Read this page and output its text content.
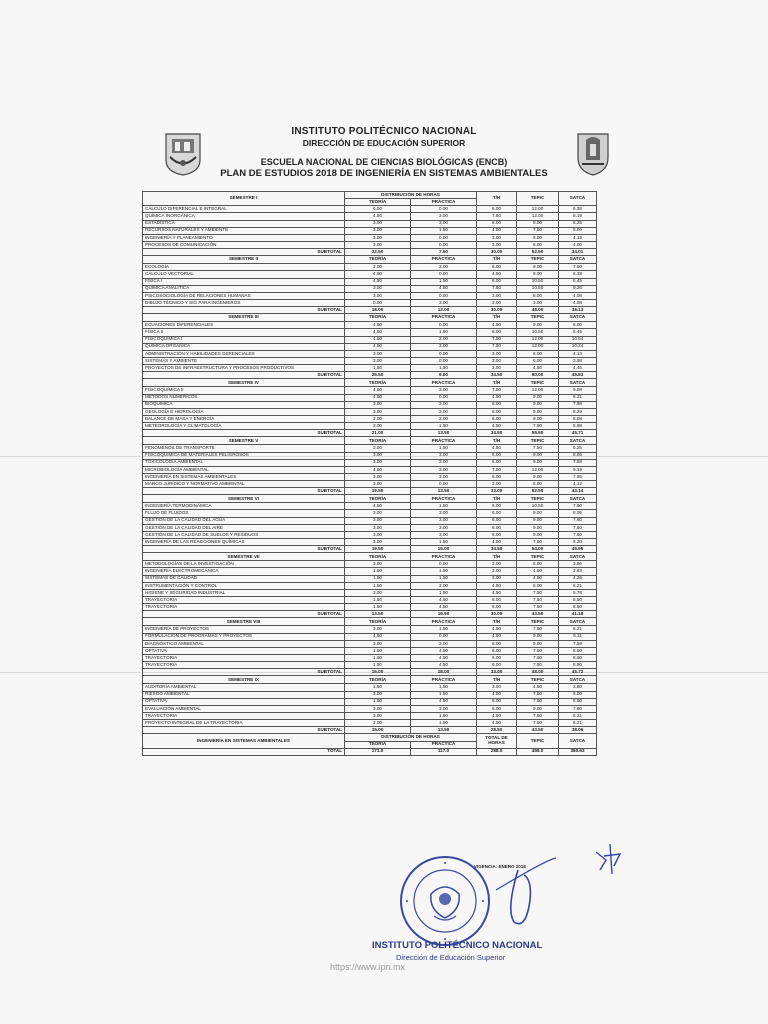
INSTITUTO POLITÉCNICO NACIONAL
DIRECCIÓN DE EDUCACIÓN SUPERIOR
ESCUELA NACIONAL DE CIENCIAS BIOLÓGICAS (ENCB)
PLAN DE ESTUDIOS 2018 DE INGENIERÍA EN SISTEMAS AMBIENTALES
SEMESTRE I	DISTRIBUCIÓN DE HORAS		T/H	TEPIC	SATCA
	TEORÍA	PRÁCTICA			
CÁLCULO DIFERENCIAL E INTEGRAL	6.00	0.00	6.00	12.00	6.38
QUÍMICA INORGÁNICA	4.50	3.00	7.50	12.00	8.19
ESTADÍSTICA	3.00	3.00	6.00	9.00	6.25
RECURSOS NATURALES Y AMBIENTE	3.00	1.50	4.50	7.50	5.06
INGENIERÍA Y PLANEAMIENTO	3.00	0.00	3.00	6.00	4.13
PROCESOS DE COMUNICACIÓN	3.00	0.00	3.00	6.00	4.00
SUBTOTAL	22.50	7.50	30.00	52.50	34.01
SEMESTRE II	TEORÍA	PRÁCTICA	T/H	TEPIC	SATCA
ECOLOGÍA	3.00	3.00	6.00	9.00	7.50
CÁLCULO VECTORIAL	4.50	0.00	4.50	9.00	6.38
FÍSICA I	4.50	1.50	6.00	10.50	6.45
QUÍMICA ANALÍTICA	3.00	4.50	7.50	10.50	9.26
PSICOSOCIOLOGÍA DE RELACIONES HUMANAS	3.00	0.00	3.00	6.00	4.08
DIBUJO TÉCNICO Y SIG PARA INGENIEROS	0.00	3.00	3.00	3.00	4.08
SUBTOTAL	18.00	12.00	30.00	48.00	38.13
SEMESTRE III	TEORÍA	PRÁCTICA	T/H	TEPIC	SATCA
ECUACIONES DIFERENCIALES	4.50	0.00	4.50	9.00	6.00
FÍSICA II	4.50	1.50	6.00	10.50	6.45
FISICOQUÍMICA I	4.50	3.00	7.50	12.00	10.54
QUÍMICA ORGÁNICA	4.50	3.00	7.50	12.00	10.24
ADMINISTRACIÓN Y HABILIDADES GERENCIALES	3.00	0.00	3.00	6.00	4.13
SISTEMAS Y AMBIENTE	3.00	0.00	3.00	6.00	3.98
PROYECTOS DE INFRAESTRUCTURA Y PROCESOS PRODUCTIVOS	1.50	1.50	3.00	4.50	4.45
SUBTOTAL	25.50	9.00	34.50	60.00	45.83
SEMESTRE IV	TEORÍA	PRÁCTICA	T/H	TEPIC	SATCA
FISICOQUÍMICA II	4.50	3.00	7.50	12.00	9.08
MÉTODOS NUMÉRICOS	4.50	0.00	4.50	9.00	6.31
BIOQUÍMICA	3.00	3.00	6.00	9.00	7.98
GEOLOGÍA E HIDROLOGÍA	3.00	3.00	6.00	9.00	8.29
BALANCE DE MASA Y ENERGÍA	3.00	3.00	6.00	9.00	8.08
METEOROLOGÍA Y CLIMATOLOGÍA	3.00	1.50	4.50	7.50	5.98
SUBTOTAL	21.00	13.50	34.50	55.50	45.71
SEMESTRE V	TEORÍA	PRÁCTICA	T/H	TEPIC	SATCA
FENÓMENOS DE TRANSPORTE	3.00	1.50	4.50	7.50	6.25
FISICOQUÍMICA DE MATERIALES PELIGROSOS	3.00	3.00	6.00	9.00	8.05
TOXICOLOGÍA AMBIENTAL	3.00	3.00	6.00	9.00	7.58
MICROBIOLOGÍA AMBIENTAL	4.50	3.00	7.50	12.00	9.19
INGENIERÍA EN SISTEMAS AMBIENTALES	3.00	3.00	6.00	9.00	7.95
MARCO JURÍDICO Y NORMATIVO AMBIENTAL	3.00	0.00	3.00	6.00	4.12
SUBTOTAL	19.50	13.50	33.00	52.50	43.14
SEMESTRE VI	TEORÍA	PRÁCTICA	T/H	TEPIC	SATCA
INGENIERÍA TERMODINÁMICA	4.50	1.50	6.00	10.50	7.90
FLUJO DE FLUIDOS	3.00	3.00	6.00	9.00	8.05
GESTIÓN DE LA CALIDAD DEL AGUA	3.00	3.00	6.00	9.00	7.60
GESTIÓN DE LA CALIDAD DEL AIRE	3.00	3.00	6.00	9.00	7.60
GESTIÓN DE LA CALIDAD DE SUELOS Y RESIDUOS	3.00	3.00	6.00	9.00	7.60
INGENIERÍA DE LAS REACCIONES QUÍMICAS	3.00	1.50	4.50	7.50	6.20
SUBTOTAL	19.50	15.00	34.50	54.00	45.95
SEMESTRE VII	TEORÍA	PRÁCTICA	T/H	TEPIC	SATCA
METODOLOGÍAS DE LA INVESTIGACIÓN	3.00	0.00	3.00	6.00	3.96
INGENIERÍA ELECTROMECÁNICA	1.50	1.50	3.00	4.50	3.83
SISTEMAS DE CALIDAD	1.50	1.50	3.00	4.50	4.26
INSTRUMENTACIÓN Y CONTROL	1.50	3.00	4.50	6.00	6.21
HIGIENE Y SEGURIDAD INDUSTRIAL	3.00	1.50	4.50	7.50	5.78
TRAYECTORIA	1.50	4.50	6.00	7.50	8.50
TRAYECTORIA	1.50	4.50	6.00	7.50	8.50
SUBTOTAL	13.50	16.50	30.00	43.50	41.18
SEMESTRE VIII	TEORÍA	PRÁCTICA	T/H	TEPIC	SATCA
INGENIERÍA DE PROYECTOS	3.00	1.50	4.50	7.50	6.21
FORMULACIÓN DE PROGRAMAS Y PROYECTOS	4.50	0.00	4.50	9.00	6.11
DIAGNÓSTICO AMBIENTAL	3.00	3.00	6.00	9.00	7.59
OPTATIVA	1.50	4.50	6.00	7.50	8.50
TRAYECTORIA	1.50	4.50	6.00	7.50	8.50
TRAYECTORIA	1.50	4.50	6.00	7.50	8.50
SUBTOTAL	15.00	18.00	33.00	48.00	45.72
SEMESTRE IX	TEORÍA	PRÁCTICA	T/H	TEPIC	SATCA
AUDITORÍA AMBIENTAL	1.50	1.50	3.00	4.50	3.80
RIESGO AMBIENTAL	3.00	1.50	4.50	7.50	6.00
OPTATIVA	1.50	4.50	6.00	7.50	8.50
EVALUACIÓN AMBIENTAL	3.00	3.00	6.00	9.00	7.60
TRAYECTORIA	3.00	1.50	4.50	7.50	6.21
PROYECTO INTEGRAL DE LA TRAYECTORIA	3.00	1.50	4.50	7.50	6.21
SUBTOTAL	15.00	13.50	28.50	43.50	38.06
INGENIERÍA EN SISTEMAS AMBIENTALES	DISTRIBUCIÓN DE HORAS		TOTAL DE
HORAS	TEPIC	SATCA
	TEORÍA	PRÁCTICA			
TOTAL	171.0	117.0	288.0	459.0	380.63
VIGENCIA: ENERO 2018
INSTITUTO POLITÉCNICO NACIONAL
Dirección de Educación Superior
https://www.ipn.mx
